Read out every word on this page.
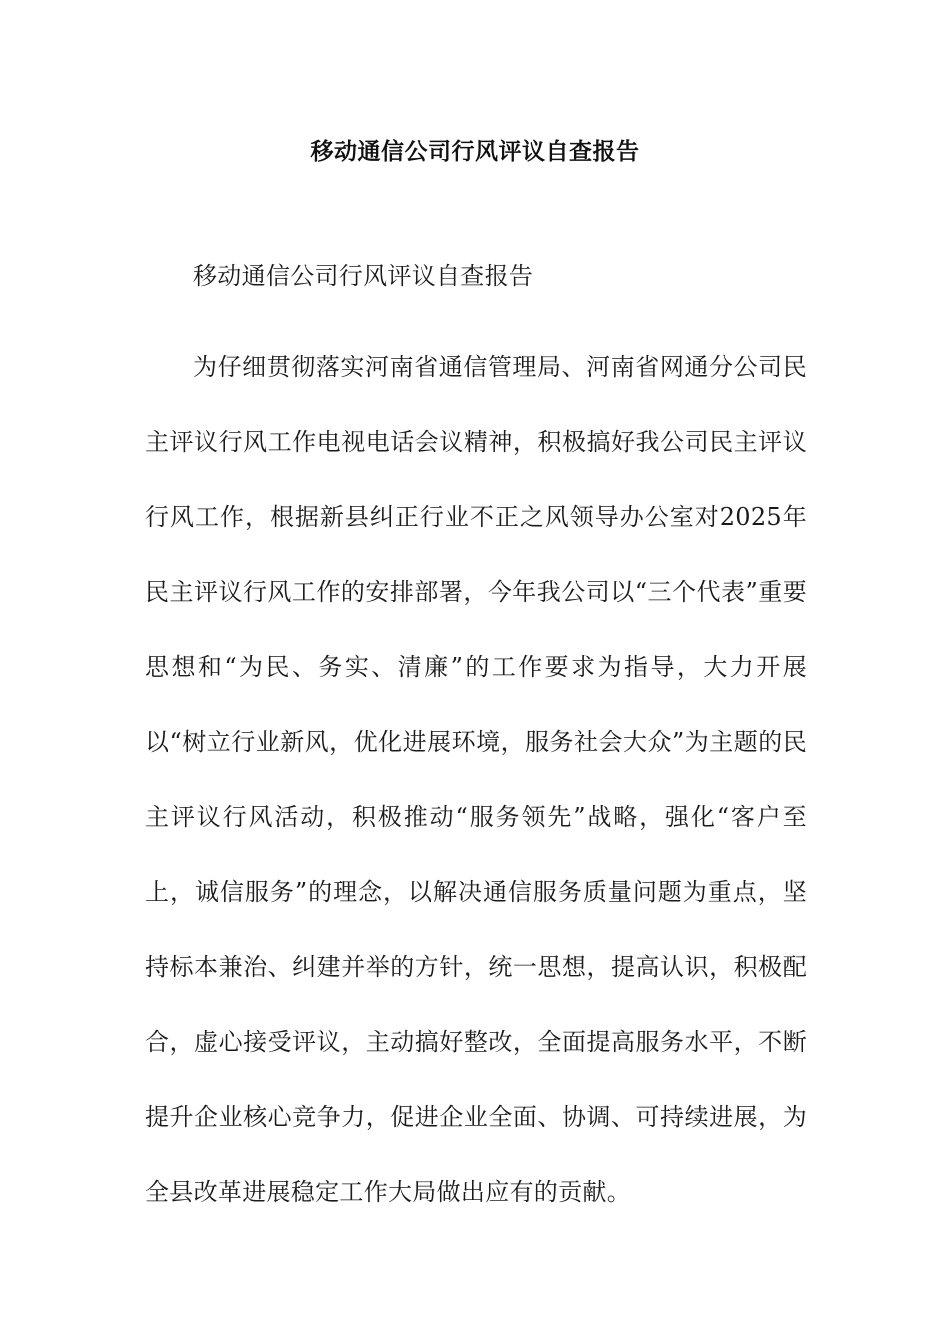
移动通信公司行风评议自查报告
移动通信公司行风评议自查报告
为仔细贯彻落实河南省通信管理局、河南省网通分公司民主评议行风工作电视电话会议精神，积极搞好我公司民主评议行风工作，根据新县纠正行业不正之风领导办公室对2025年民主评议行风工作的安排部署，今年我公司以“三个代表”重要思想和“为民、务实、清廉”的工作要求为指导，大力开展以“树立行业新风，优化进展环境，服务社会大众”为主题的民主评议行风活动，积极推动“服务领先”战略，强化“客户至上，诚信服务”的理念，以解决通信服务质量问题为重点，坚持标本兼治、纠建并举的方针，统一思想，提高认识，积极配合，虚心接受评议，主动搞好整改，全面提高服务水平，不断提升企业核心竞争力，促进企业全面、协调、可持续进展，为全县改革进展稳定工作大局做出应有的贡献。
